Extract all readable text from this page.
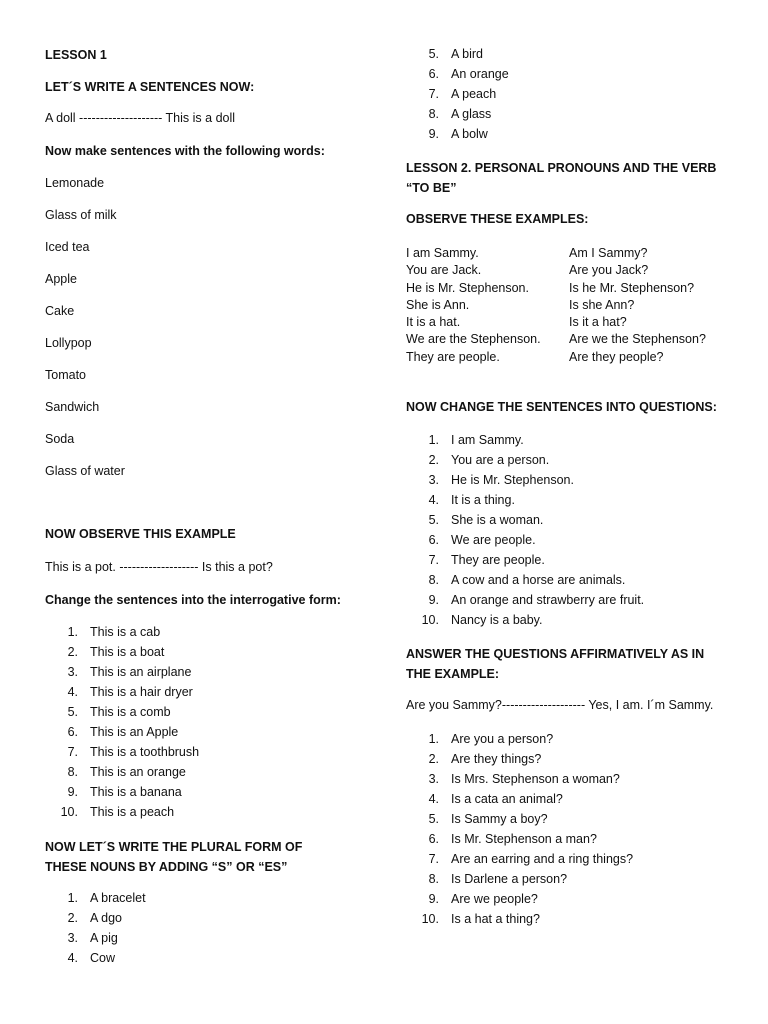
LESSON 1
LET´S WRITE A SENTENCES NOW:
A doll -------------------- This is a doll
Now make sentences with the following words:
Lemonade
Glass of milk
Iced tea
Apple
Cake
Lollypop
Tomato
Sandwich
Soda
Glass of water
NOW OBSERVE THIS EXAMPLE
This is a pot. ------------------- Is this a pot?
Change the sentences into the interrogative form:
1. This is a cab
2. This is a boat
3. This is an airplane
4. This is a hair dryer
5. This is a comb
6. This is an Apple
7. This is a toothbrush
8. This is an orange
9. This is a banana
10. This is a peach
NOW LET´S WRITE THE PLURAL FORM OF THESE NOUNS BY ADDING “S” OR “ES”
1. A bracelet
2. A dgo
3. A pig
4. Cow
5. A bird
6. An orange
7. A peach
8. A glass
9. A bolw
LESSON 2. PERSONAL PRONOUNS AND THE VERB “TO BE”
OBSERVE THESE EXAMPLES:
I am Sammy.	Am I Sammy?
You are Jack.	Are you Jack?
He is Mr. Stephenson.	Is he Mr. Stephenson?
She is Ann.	Is she Ann?
It is a hat.	Is it a hat?
We are the Stephenson. Are we the Stephenson?
They are people.	Are they people?
NOW CHANGE THE SENTENCES INTO QUESTIONS:
1. I am Sammy.
2. You are a person.
3. He is Mr. Stephenson.
4. It is a thing.
5. She is a woman.
6. We are people.
7. They are people.
8. A cow and a horse are animals.
9. An orange and strawberry are fruit.
10. Nancy is a baby.
ANSWER THE QUESTIONS AFFIRMATIVELY AS IN THE EXAMPLE:
Are you Sammy?-------------------- Yes, I am. I´m Sammy.
1. Are you a person?
2. Are they things?
3. Is Mrs. Stephenson a woman?
4. Is a cata an animal?
5. Is Sammy a boy?
6. Is Mr. Stephenson a man?
7. Are an earring and a ring things?
8. Is Darlene a person?
9. Are we people?
10. Is a hat a thing?
